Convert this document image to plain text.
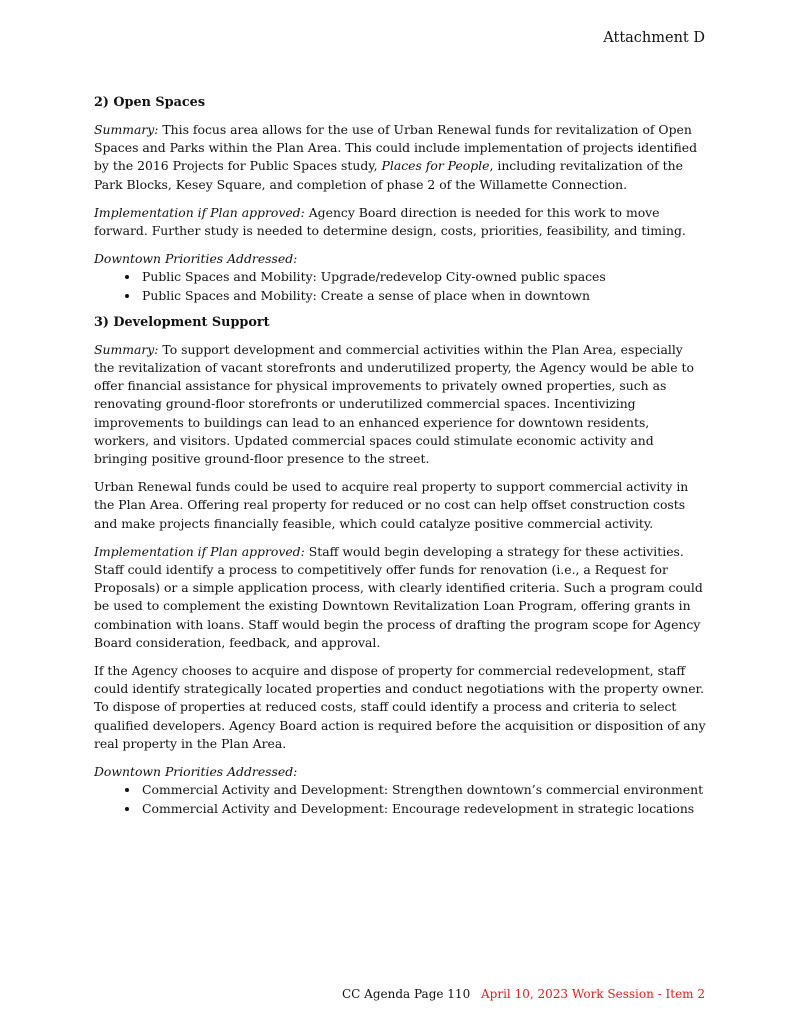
Attachment D
2) Open Spaces

Summary: This focus area allows for the use of Urban Renewal funds for revitalization of Open Spaces and Parks within the Plan Area. This could include implementation of projects identified by the 2016 Projects for Public Spaces study, Places for People, including revitalization of the Park Blocks, Kesey Square, and completion of phase 2 of the Willamette Connection.

Implementation if Plan approved: Agency Board direction is needed for this work to move forward. Further study is needed to determine design, costs, priorities, feasibility, and timing.

Downtown Priorities Addressed:

• Public Spaces and Mobility: Upgrade/redevelop City-owned public spaces
• Public Spaces and Mobility: Create a sense of place when in downtown
3) Development Support

Summary: To support development and commercial activities within the Plan Area, especially the revitalization of vacant storefronts and underutilized property, the Agency would be able to offer financial assistance for physical improvements to privately owned properties, such as renovating ground-floor storefronts or underutilized commercial spaces. Incentivizing improvements to buildings can lead to an enhanced experience for downtown residents, workers, and visitors. Updated commercial spaces could stimulate economic activity and bringing positive ground-floor presence to the street.

Urban Renewal funds could be used to acquire real property to support commercial activity in the Plan Area. Offering real property for reduced or no cost can help offset construction costs and make projects financially feasible, which could catalyze positive commercial activity.

Implementation if Plan approved: Staff would begin developing a strategy for these activities. Staff could identify a process to competitively offer funds for renovation (i.e., a Request for Proposals) or a simple application process, with clearly identified criteria. Such a program could be used to complement the existing Downtown Revitalization Loan Program, offering grants in combination with loans. Staff would begin the process of drafting the program scope for Agency Board consideration, feedback, and approval.

If the Agency chooses to acquire and dispose of property for commercial redevelopment, staff could identify strategically located properties and conduct negotiations with the property owner. To dispose of properties at reduced costs, staff could identify a process and criteria to select qualified developers. Agency Board action is required before the acquisition or disposition of any real property in the Plan Area.

Downtown Priorities Addressed:

• Commercial Activity and Development: Strengthen downtown’s commercial environment
• Commercial Activity and Development: Encourage redevelopment in strategic locations
CC Agenda Page 110 April 10, 2023 Work Session - Item 2
